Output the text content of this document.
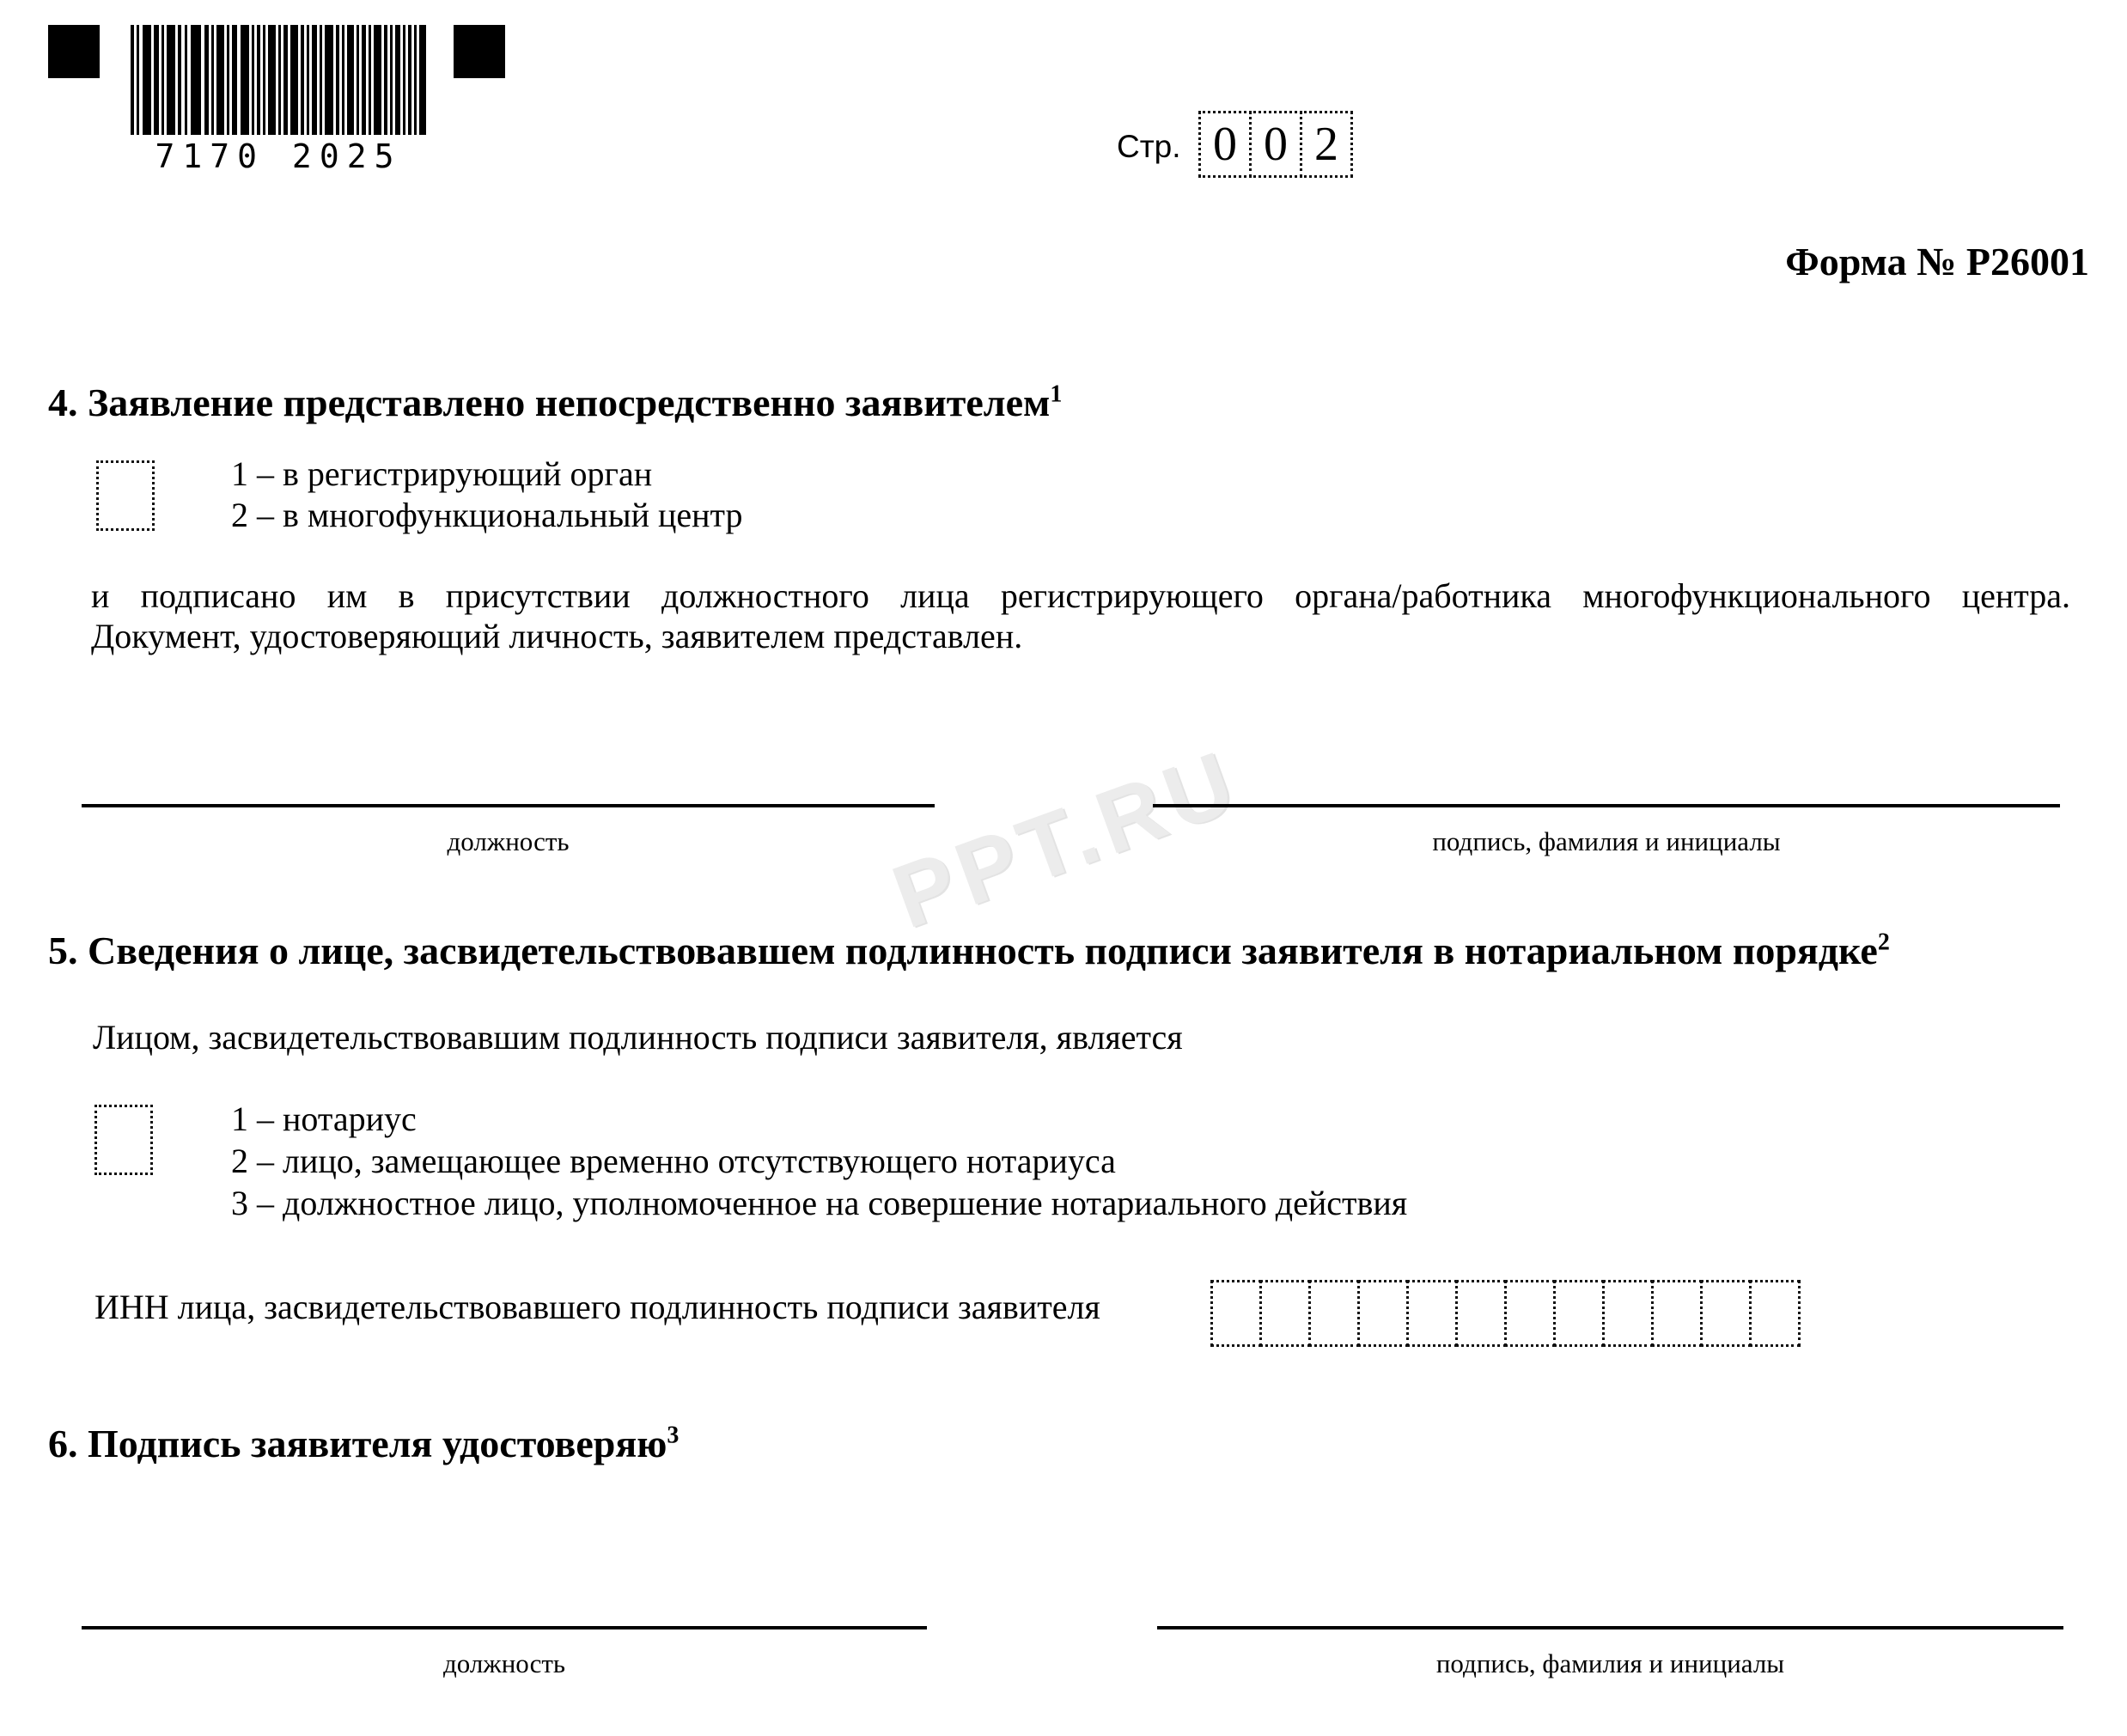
PPT.RU
7170 2025	Стр. 0 0 2
Форма № Р26001
4. Заявление представлено непосредственно заявителем$^1$
1 – в регистрирующий орган
2 – в многофункциональный центр
и подписано им в присутствии должностного лица регистрирующего органа/работника многофункционального центра.
Документ, удостоверяющий личность, заявителем представлен.
должность	подпись, фамилия и инициалы
5. Сведения о лице, засвидетельствовавшем подлинность подписи заявителя в нотариальном порядке$^2$
Лицом, засвидетельствовавшим подлинность подписи заявителя, является
1 – нотариус
2 – лицо, замещающее временно отсутствующего нотариуса
3 – должностное лицо, уполномоченное на совершение нотариального действия
ИНН лица, засвидетельствовавшего подлинность подписи заявителя
6. Подпись заявителя удостоверяю$^3$
должность	подпись, фамилия и инициалы
